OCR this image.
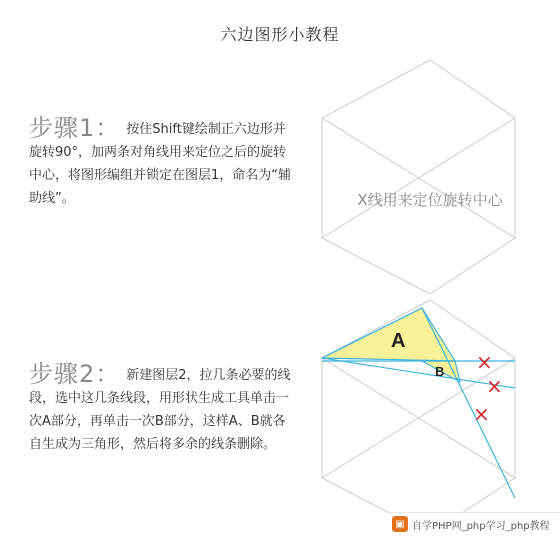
六边图形小教程
步骤1： 按住Shift键绘制正六边形并旋转90°，加两条对角线用来定位之后的旋转中心，将图形编组并锁定在图层1，命名为“辅助线”。	X线用来定位旋转中心
步骤2： 新建图层2，拉几条必要的线段，选中这几条线段，用形状生成工具单击一次A部分，再单击一次B部分，这样A、B就各自生成为三角形，然后将多余的线条删除。
A
B ×
×
×
▣ 自学PHP网_php学习_php教程
